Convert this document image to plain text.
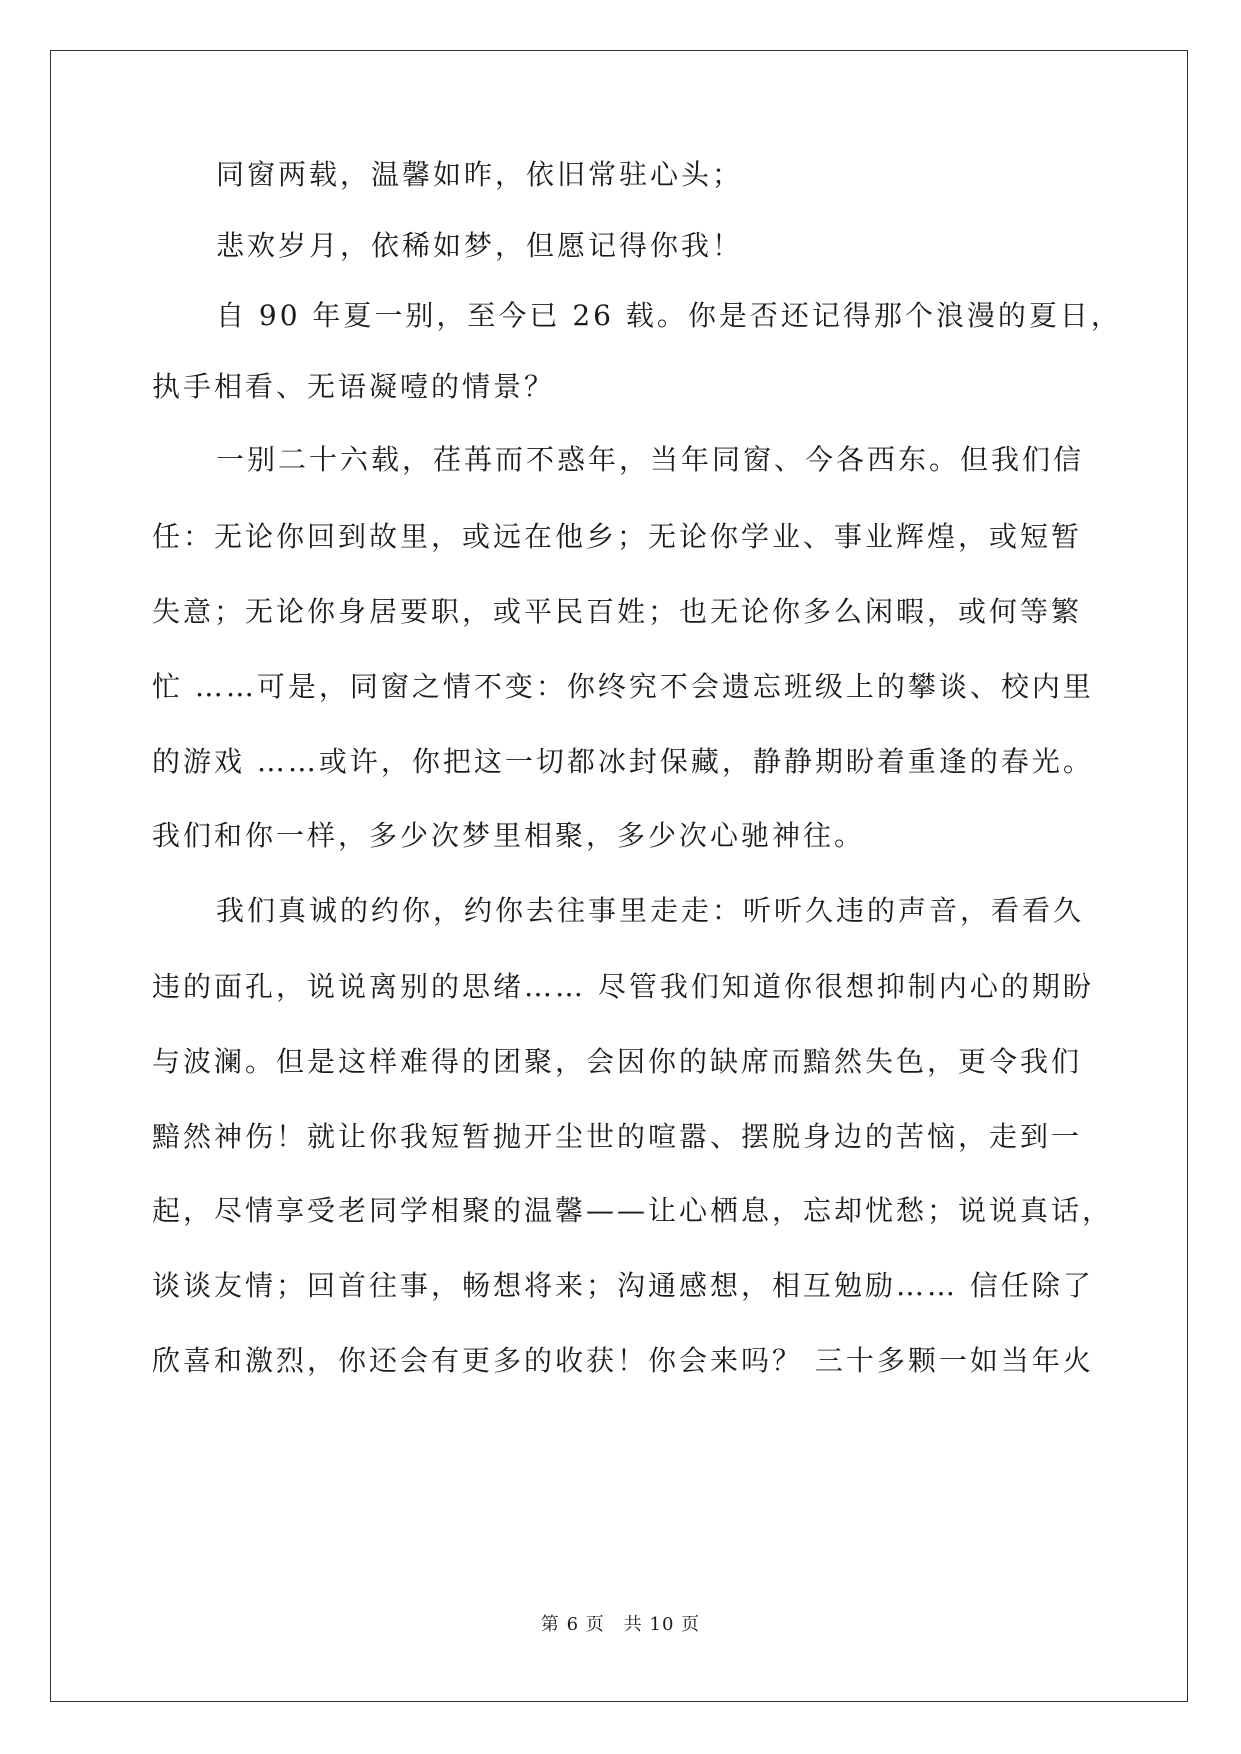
同窗两载，温馨如昨，依旧常驻心头；
悲欢岁月，依稀如梦，但愿记得你我！
自 90 年夏一别，至今已 26 载。你是否还记得那个浪漫的夏日，
执手相看、无语凝噎的情景？
一别二十六载，荏苒而不惑年，当年同窗、今各西东。但我们信
任：无论你回到故里，或远在他乡；无论你学业、事业辉煌，或短暂
失意；无论你身居要职，或平民百姓；也无论你多么闲暇，或何等繁
忙 ……可是，同窗之情不变：你终究不会遗忘班级上的攀谈、校内里
的游戏 ……或许，你把这一切都冰封保藏，静静期盼着重逢的春光。
我们和你一样，多少次梦里相聚，多少次心驰神往。
我们真诚的约你，约你去往事里走走：听听久违的声音，看看久
违的面孔，说说离别的思绪…… 尽管我们知道你很想抑制内心的期盼
与波澜。但是这样难得的团聚，会因你的缺席而黯然失色，更令我们
黯然神伤！就让你我短暂抛开尘世的喧嚣、摆脱身边的苦恼，走到一
起，尽情享受老同学相聚的温馨——让心栖息，忘却忧愁；说说真话，
谈谈友情；回首往事，畅想将来；沟通感想，相互勉励…… 信任除了
欣喜和激烈，你还会有更多的收获！你会来吗？ 三十多颗一如当年火
第 6 页　共 10 页
